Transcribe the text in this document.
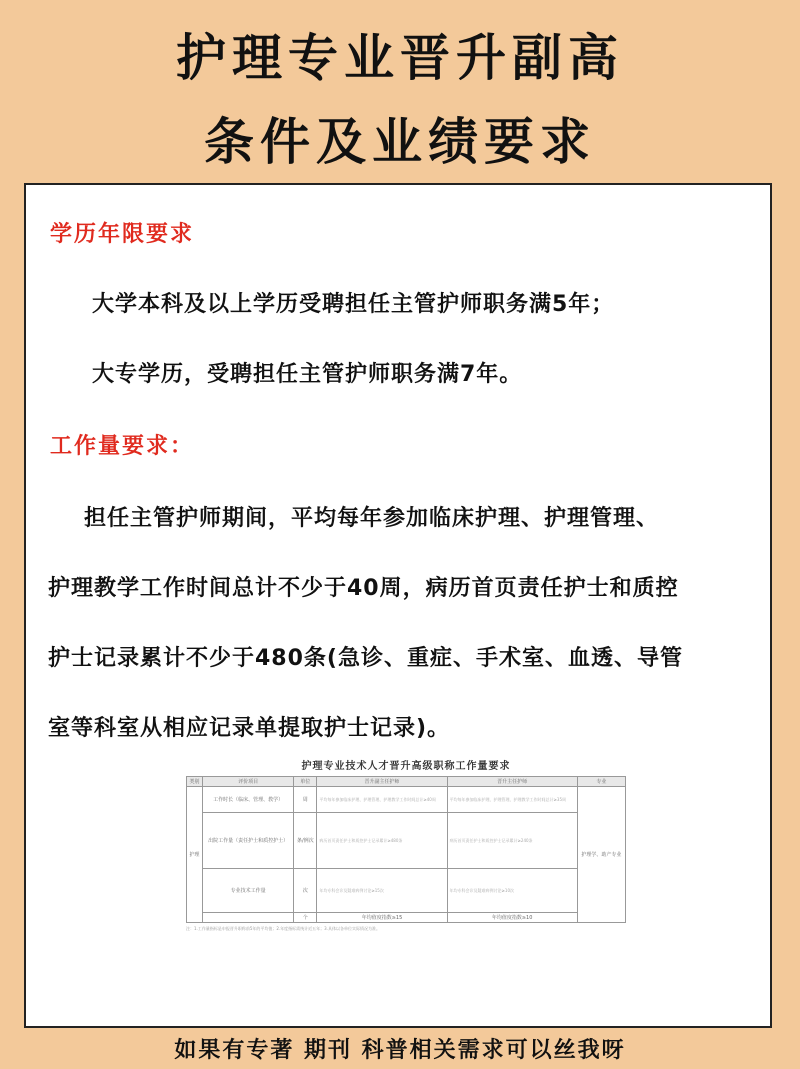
护理专业晋升副高
条件及业绩要求
学历年限要求
大学本科及以上学历受聘担任主管护师职务满5年；
大专学历，受聘担任主管护师职务满7年。
工作量要求：
担任主管护师期间，平均每年参加临床护理、护理管理、
护理教学工作时间总计不少于40周，病历首页责任护士和质控
护士记录累计不少于480条(急诊、重症、手术室、血透、导管
室等科室从相应记录单提取护士记录)。
护理专业技术人才晋升高级职称工作量要求
类别	评价项目	单位	晋升副主任护师	晋升主任护师	专业
护理	工作时长（临床、管理、教学）	周	平均每年参加临床护理、护理管理、护理教学工作时间总计≥40周	平均每年参加临床护理、护理管理、护理教学工作时间总计≥35周	护理学、助产专业
	出院工作量（责任护士和质控护士）	条/例次	病历首页责任护士和质控护士记录累计≥480条	病历首页责任护士和质控护士记录累计≥240条	
	专业技术工作量	次	年均专科会诊及疑难病例讨论≥15次	年均专科会诊及疑难病例讨论≥10次	
		个	年均值度指数≥15	年均值度指数≥10	
注：1.工作量指标是申报晋升职称前5年的平均值；2.年度指标需统计近五年；3.具体以各单位实际情况为准。
如果有专著 期刊 科普相关需求可以丝我呀
